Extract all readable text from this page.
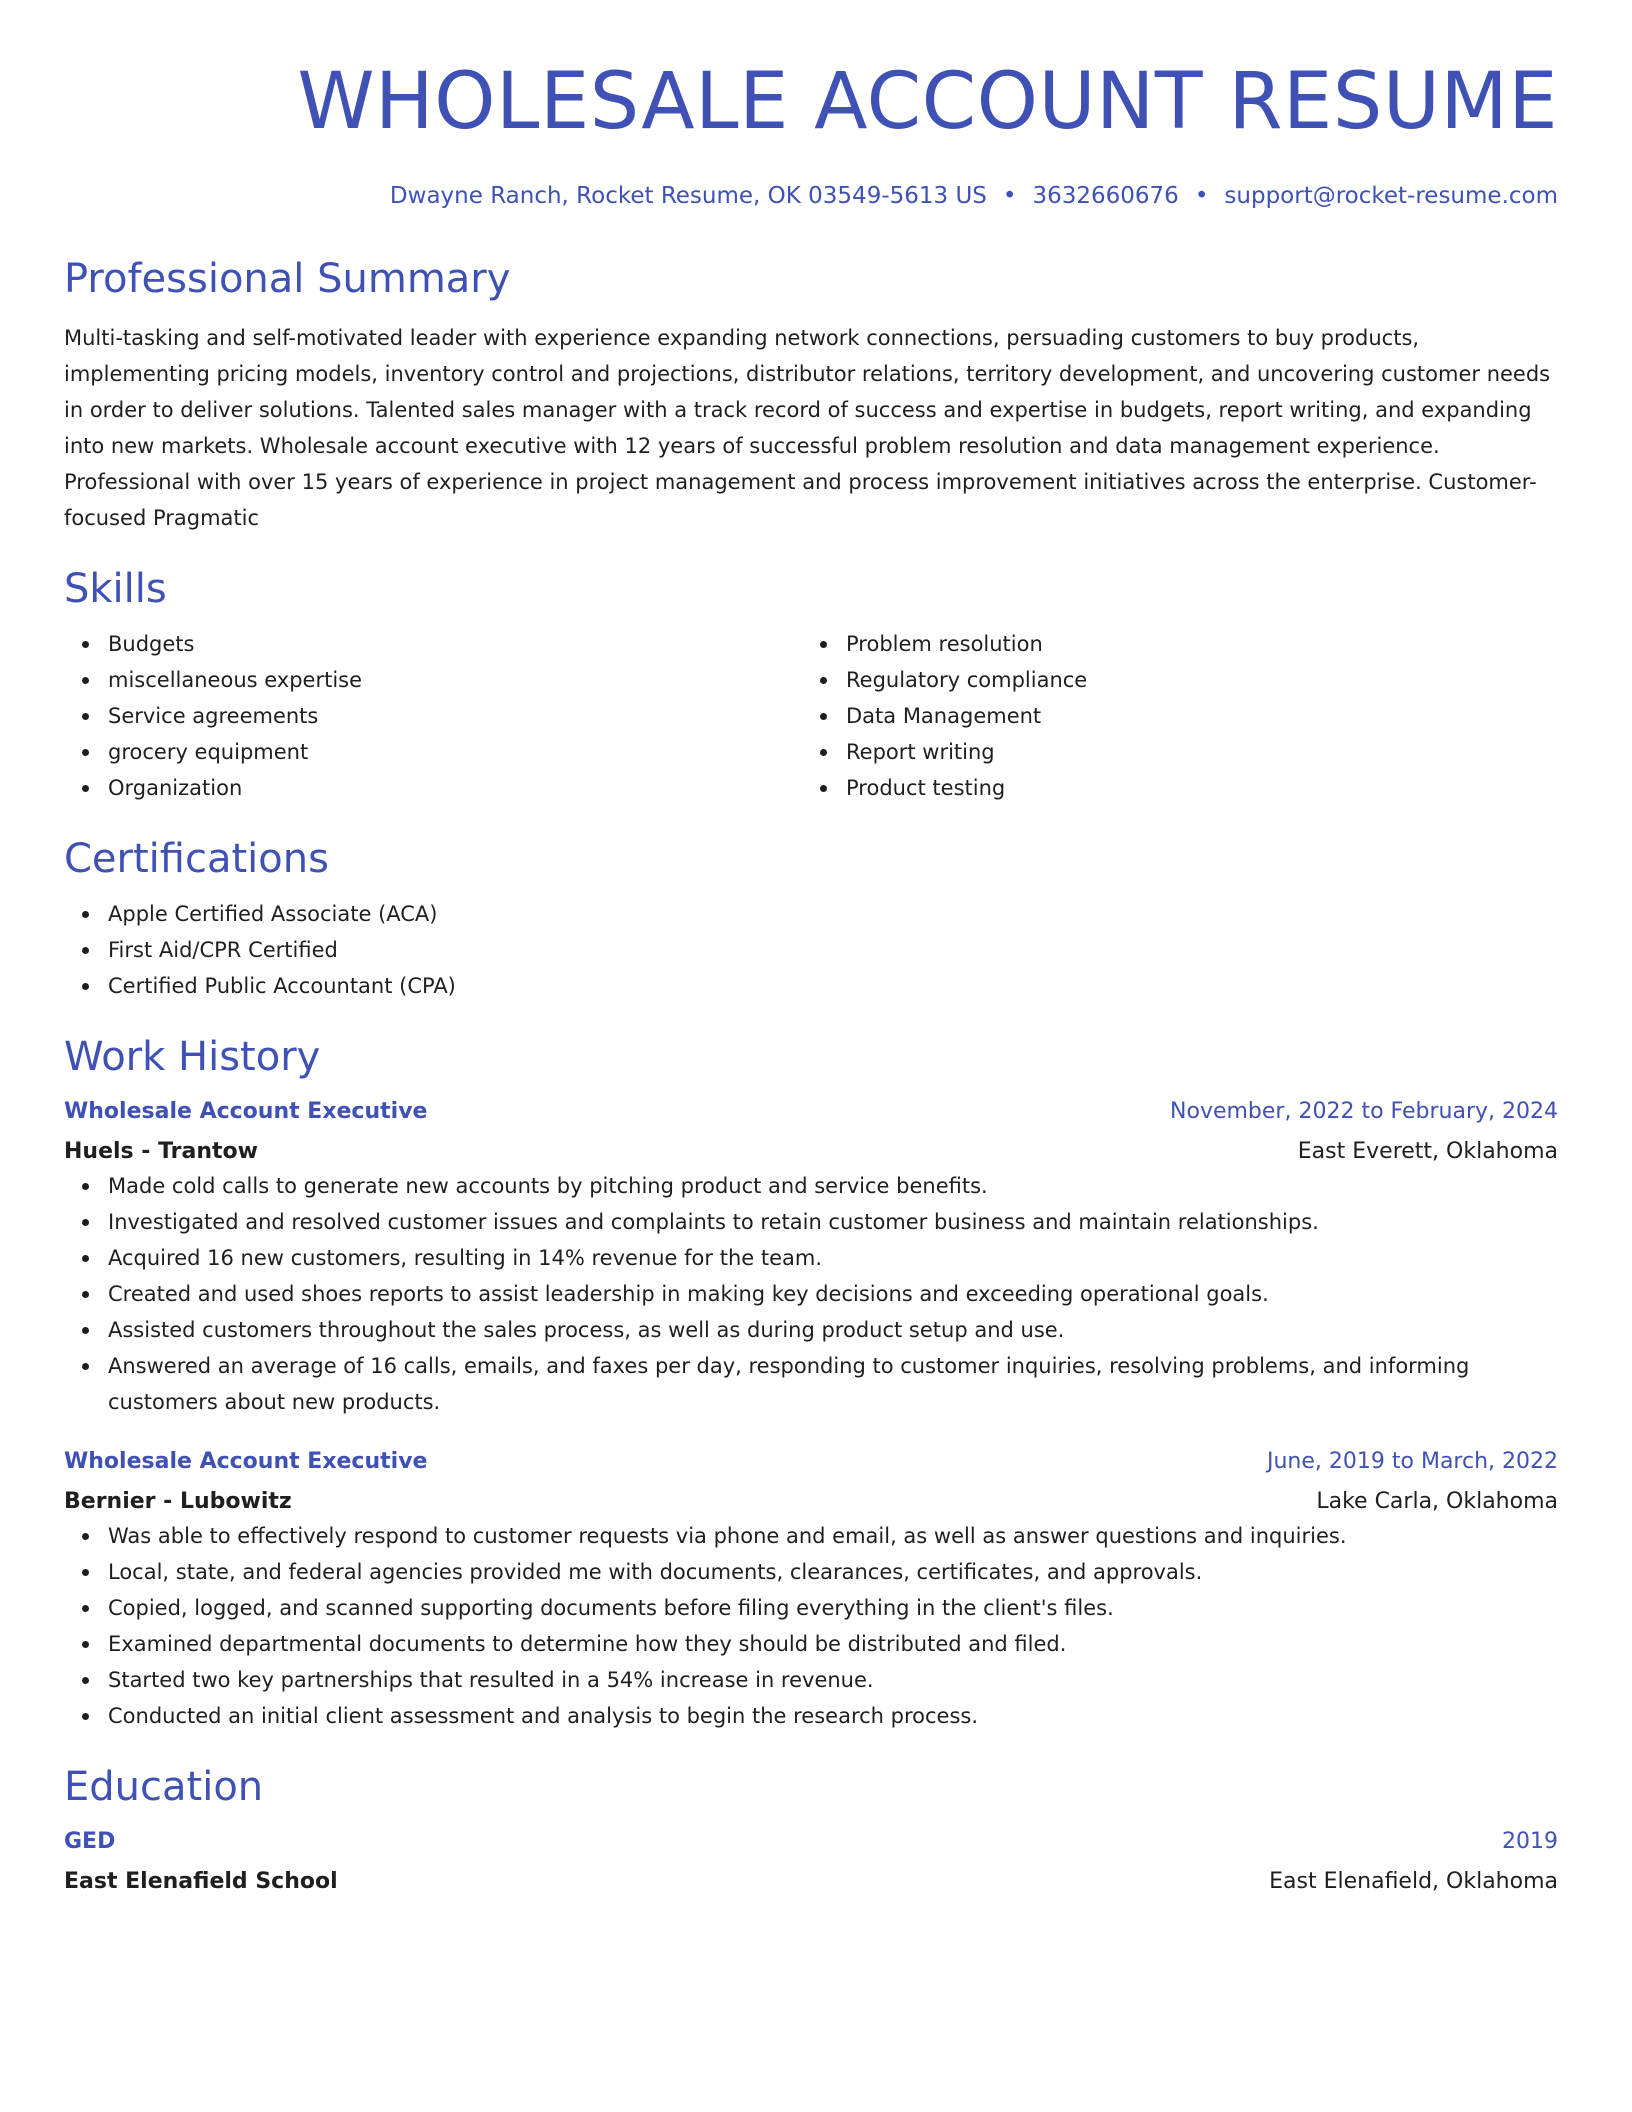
WHOLESALE ACCOUNT RESUME
Dwayne Ranch, Rocket Resume, OK 03549-5613 US • 3632660676 • support@rocket-resume.com
Professional Summary
Multi-tasking and self-motivated leader with experience expanding network connections, persuading customers to buy products, implementing pricing models, inventory control and projections, distributor relations, territory development, and uncovering customer needs in order to deliver solutions. Talented sales manager with a track record of success and expertise in budgets, report writing, and expanding into new markets. Wholesale account executive with 12 years of successful problem resolution and data management experience. Professional with over 15 years of experience in project management and process improvement initiatives across the enterprise. Customer-focused Pragmatic
Skills
Budgets
miscellaneous expertise
Service agreements
grocery equipment
Organization
Problem resolution
Regulatory compliance
Data Management
Report writing
Product testing
Certifications
Apple Certified Associate (ACA)
First Aid/CPR Certified
Certified Public Accountant (CPA)
Work History
Wholesale Account Executive	November, 2022 to February, 2024
Huels - Trantow	East Everett, Oklahoma
Made cold calls to generate new accounts by pitching product and service benefits.
Investigated and resolved customer issues and complaints to retain customer business and maintain relationships.
Acquired 16 new customers, resulting in 14% revenue for the team.
Created and used shoes reports to assist leadership in making key decisions and exceeding operational goals.
Assisted customers throughout the sales process, as well as during product setup and use.
Answered an average of 16 calls, emails, and faxes per day, responding to customer inquiries, resolving problems, and informing customers about new products.
Wholesale Account Executive	June, 2019 to March, 2022
Bernier - Lubowitz	Lake Carla, Oklahoma
Was able to effectively respond to customer requests via phone and email, as well as answer questions and inquiries.
Local, state, and federal agencies provided me with documents, clearances, certificates, and approvals.
Copied, logged, and scanned supporting documents before filing everything in the client's files.
Examined departmental documents to determine how they should be distributed and filed.
Started two key partnerships that resulted in a 54% increase in revenue.
Conducted an initial client assessment and analysis to begin the research process.
Education
GED	2019
East Elenafield School	East Elenafield, Oklahoma
